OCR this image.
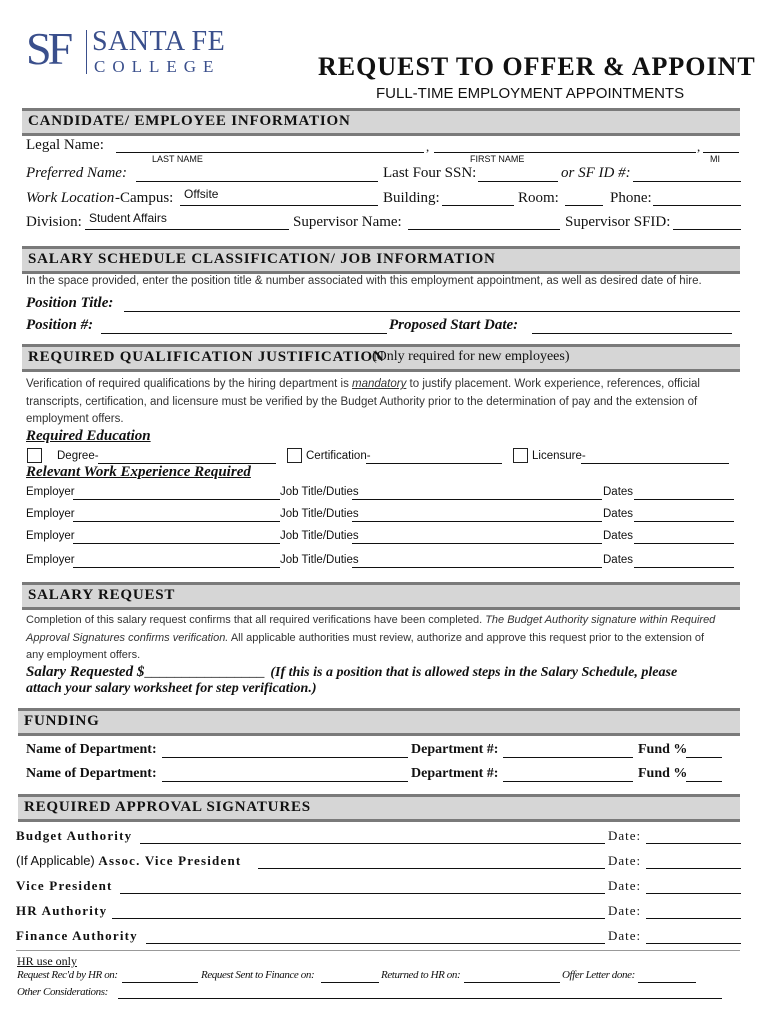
SF SANTA FE
COLLEGE	REQUEST TO OFFER & APPOINT
FULL-TIME EMPLOYMENT APPOINTMENTS
CANDIDATE/ EMPLOYEE INFORMATION
Legal Name:	,	,
LAST NAME	FIRST NAME	MI
Preferred Name:	Last Four SSN:	or SF ID #:
Work Location -Campus: Offsite	Building:	Room:	Phone:
Division: Student Affairs	Supervisor Name:	Supervisor SFID:
SALARY SCHEDULE CLASSIFICATION/ JOB INFORMATION
In the space provided, enter the position title & number associated with this employment appointment, as well as desired date of hire.
Position Title:
Position #:	Proposed Start Date:
REQUIRED QUALIFICATION JUSTIFICATION
(Only required for new employees)
Verification of required qualifications by the hiring department is mandatory to justify placement. Work experience, references, official
transcripts, certification, and licensure must be verified by the Budget Authority prior to the determination of pay and the extension of
employment offers.
Required Education
Degree-	Certification-	Licensure-
Relevant Work Experience Required
Employer	Job Title/Duties	Dates
Employer	Job Title/Duties	Dates
Employer	Job Title/Duties	Dates
Employer	Job Title/Duties	Dates
SALARY REQUEST
Completion of this salary request confirms that all required verifications have been completed. The Budget Authority signature within Required
Approval Signatures confirms verification. All applicable authorities must review, authorize and approve this request prior to the extension of
any employment offers.
Salary Requested $________________ (If this is a position that is allowed steps in the Salary Schedule, please
attach your salary worksheet for step verification.)
FUNDING
Name of Department:	Department #:	Fund %
Name of Department:	Department #:	Fund %
REQUIRED APPROVAL SIGNATURES
Budget Authority	Date:
(If Applicable) Assoc. Vice President	Date:
Vice President	Date:
HR Authority	Date:
Finance Authority	Date:
HR use only
Request Rec'd by HR on:	Request Sent to Finance on:	Returned to HR on:	Offer Letter done:
Other Considerations:
